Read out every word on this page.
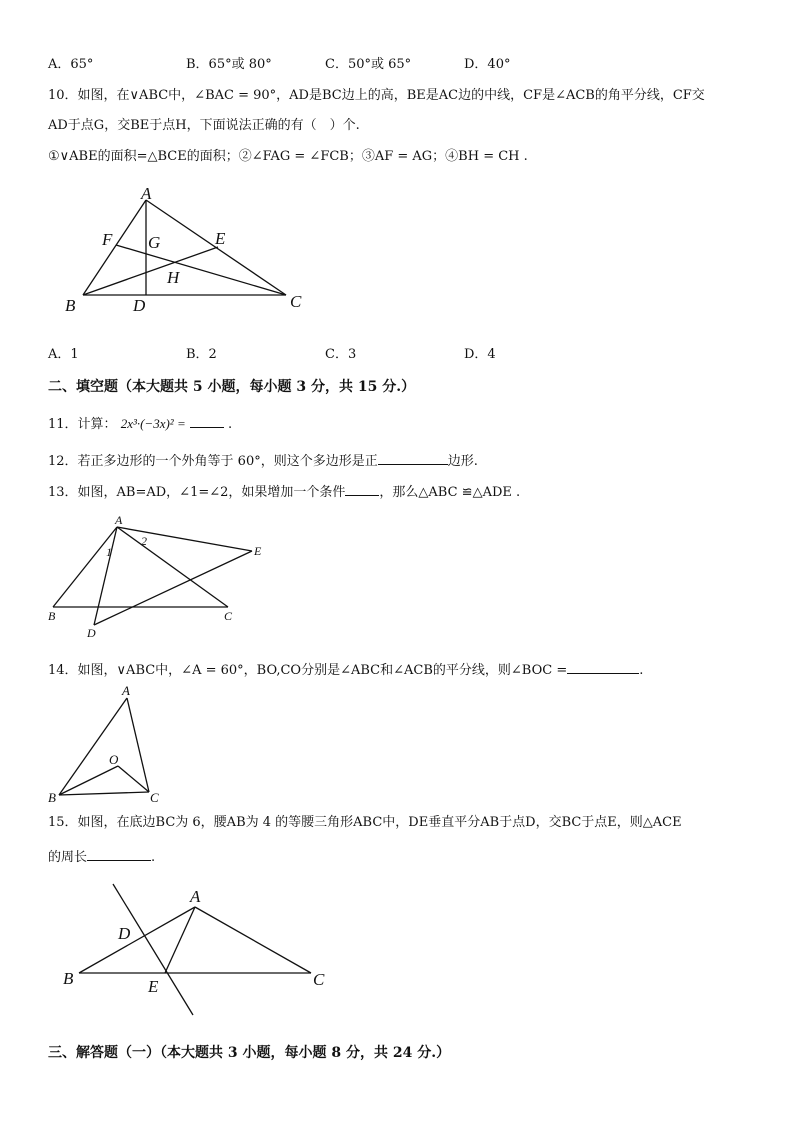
A．65°	B．65°或 80°	C．50°或 65°	D．40°
10．如图，在∨ABC中，∠BAC = 90°，AD是BC边上的高，BE是AC边的中线，CF是∠ACB的角平分线，CF交
AD于点G，交BE于点H，下面说法正确的有（　）个.
①∨ABE的面积=△BCE的面积；②∠FAG = ∠FCB；③AF = AG；④BH = CH .
A
F G	E
H
B	D	C
A．1	B．2	C．3	D．4
二、填空题（本大题共 5 小题，每小题 3 分，共 15 分.）
11．计算： 2x³·(−3x)² =	.
12．若正多边形的一个外角等于 60°，则这个多边形是正	边形.
13．如图，AB=AD，∠1=∠2，如果增加一个条件	，那么△ABC ≌△ADE .
A
2
1	E
B	C
D
14．如图，∨ABC中，∠A = 60°，BO,CO分别是∠ABC和∠ACB的平分线，则∠BOC =	.
A
O
B	C
15．如图，在底边BC为 6，腰AB为 4 的等腰三角形ABC中，DE垂直平分AB于点D，交BC于点E，则△ACE
的周长	.
A
D
B	E	C
三、解答题（一）（本大题共 3 小题，每小题 8 分，共 24 分.）
